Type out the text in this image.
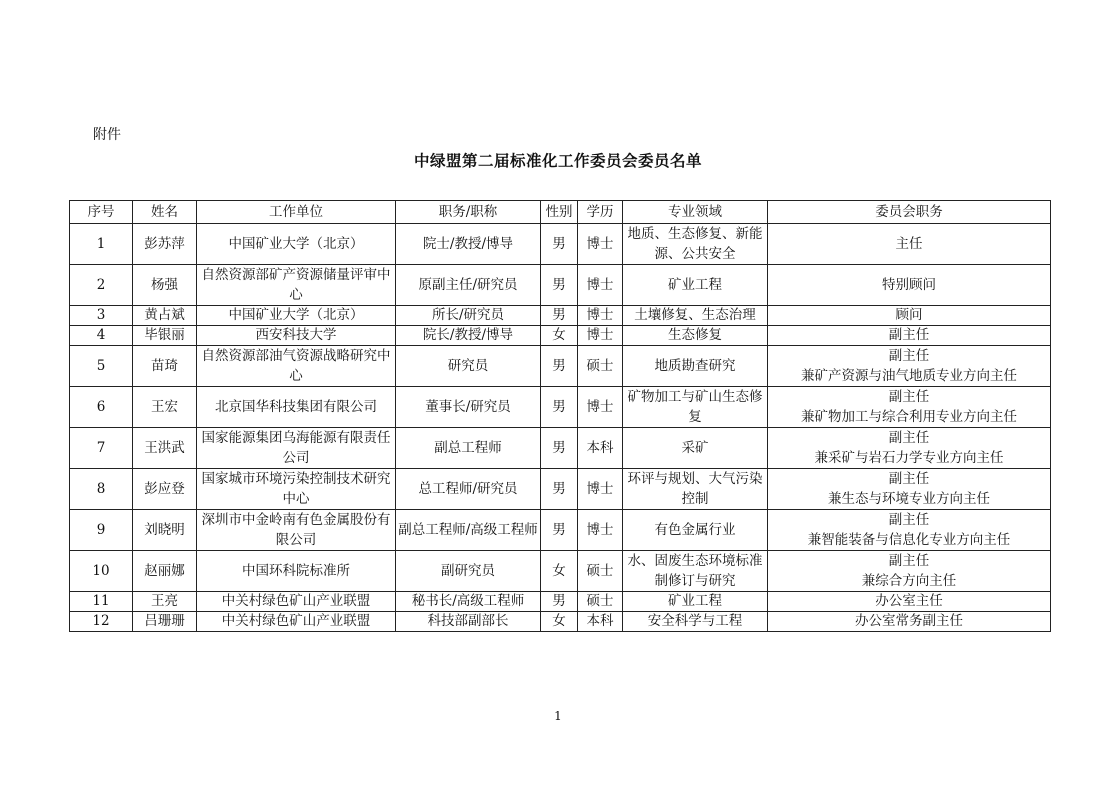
附件
中绿盟第二届标准化工作委员会委员名单
序号	姓名	工作单位	职务/职称	性别	学历	专业领域	委员会职务
1	彭苏萍	中国矿业大学（北京）	院士/教授/博导	男	博士	地质、生态修复、新能源、公共安全	主任
2	杨强	自然资源部矿产资源储量评审中心	原副主任/研究员	男	博士	矿业工程	特别顾问
3	黄占斌	中国矿业大学（北京）	所长/研究员	男	博士	土壤修复、生态治理	顾问
4	毕银丽	西安科技大学	院长/教授/博导	女	博士	生态修复	副主任
5	苗琦	自然资源部油气资源战略研究中心	研究员	男	硕士	地质勘查研究	副主任
兼矿产资源与油气地质专业方向主任

6	王宏	北京国华科技集团有限公司	董事长/研究员	男	博士	矿物加工与矿山生态修复	副主任
兼矿物加工与综合利用专业方向主任

7	王洪武	国家能源集团乌海能源有限责任公司	副总工程师	男	本科	采矿	副主任
兼采矿与岩石力学专业方向主任

8	彭应登	国家城市环境污染控制技术研究中心	总工程师/研究员	男	博士	环评与规划、大气污染控制	副主任
兼生态与环境专业方向主任

9	刘晓明	深圳市中金岭南有色金属股份有限公司	副总工程师/高级工程师	男	博士	有色金属行业	副主任
兼智能装备与信息化专业方向主任

10	赵丽娜	中国环科院标准所	副研究员	女	硕士	水、固废生态环境标准制修订与研究	副主任
兼综合方向主任

11	王亮	中关村绿色矿山产业联盟	秘书长/高级工程师	男	硕士	矿业工程	办公室主任
12	吕珊珊	中关村绿色矿山产业联盟	科技部副部长	女	本科	安全科学与工程	办公室常务副主任
1
